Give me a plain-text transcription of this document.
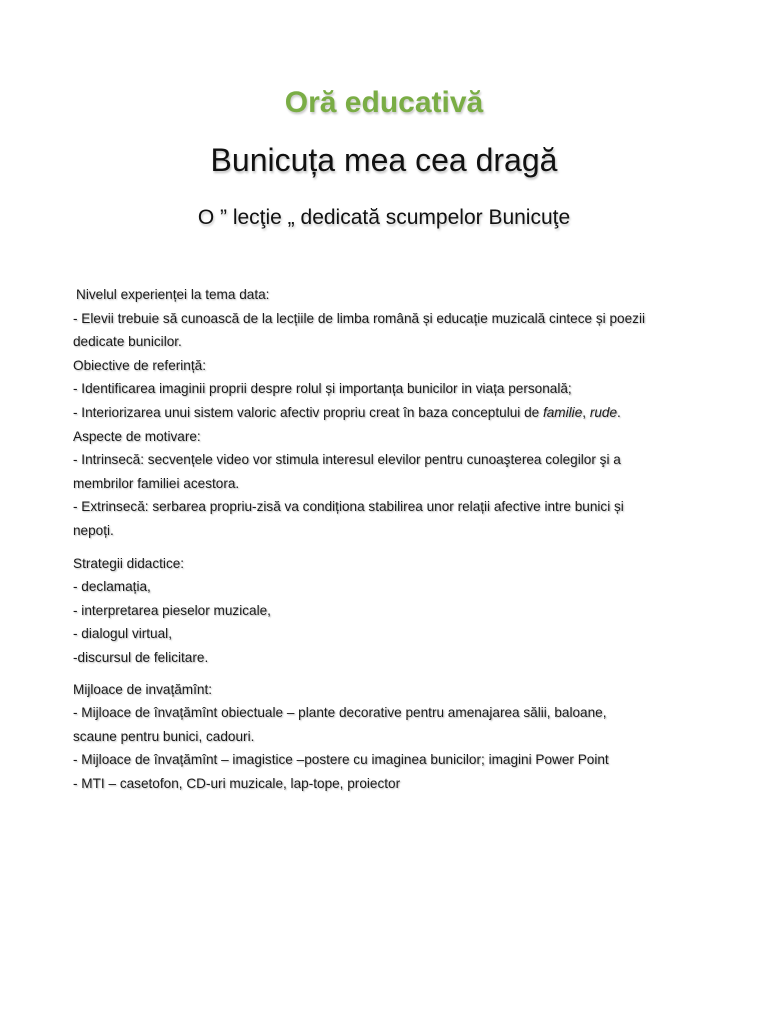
Oră educativă
Bunicuța mea cea dragă
O ” lecţie „ dedicată scumpelor Bunicuţe
Nivelul experienței la tema data:
- Elevii trebuie să cunoască de la lecțiile de limba română și educație muzicală cintece și poezii
dedicate bunicilor.
Obiective de referință:
- Identificarea imaginii proprii despre rolul și importanța bunicilor in viața personală;
- Interiorizarea unui sistem valoric afectiv propriu creat în baza conceptului de familie, rude.
Aspecte de motivare:
- Intrinsecă: secvențele video vor stimula interesul elevilor pentru cunoaşterea colegilor şi a
membrilor familiei acestora.
- Extrinsecă: serbarea propriu-zisă va condiționa stabilirea unor relații afective intre bunici și
nepoți.
Strategii didactice:
- declamația,
- interpretarea pieselor muzicale,
- dialogul virtual,
-discursul de felicitare.
Mijloace de invațămînt:
- Mijloace de învațămînt obiectuale – plante decorative pentru amenajarea sălii, baloane,
scaune pentru bunici, cadouri.
- Mijloace de învațămînt – imagistice –postere cu imaginea bunicilor; imagini Power Point
- MTI – casetofon, CD-uri muzicale, lap-tope, proiector
